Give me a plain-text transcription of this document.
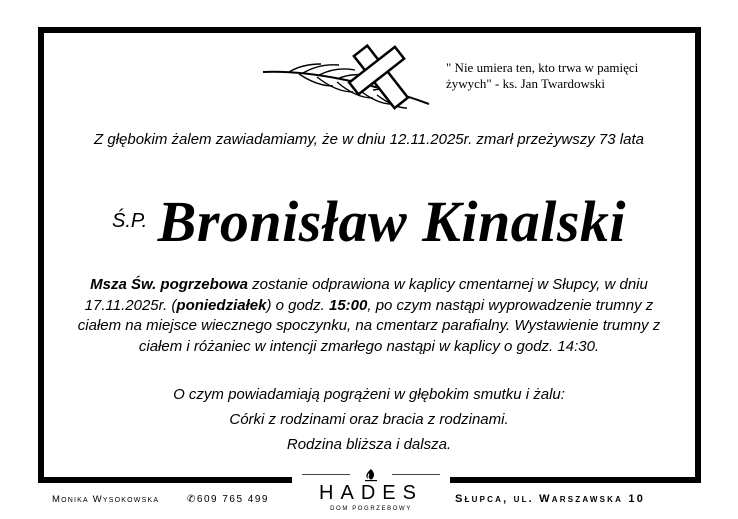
" Nie umiera ten, kto trwa w pamięci
żywych" - ks. Jan Twardowski
Z głębokim żalem zawiadamiamy, że w dniu 12.11.2025r. zmarł przeżywszy 73 lata
Ś.P. Bronisław Kinalski
Msza Św. pogrzebowa zostanie odprawiona w kaplicy cmentarnej w Słupcy, w dniu 17.11.2025r. (poniedziałek) o godz. 15:00, po czym nastąpi wyprowadzenie trumny z ciałem na miejsce wiecznego spoczynku, na cmentarz parafialny. Wystawienie trumny z ciałem i różaniec w intencji zmarłego nastąpi w kaplicy o godz. 14:30.
O czym powiadamiają pogrążeni w głębokim smutku i żalu:
Córki z rodzinami oraz bracia z rodzinami.
Rodzina bliższa i dalsza.
Monika Wysokowska	✆609 765 499	HADES
DOM POGRZEBOWY
Słupca, ul. Warszawska 10
